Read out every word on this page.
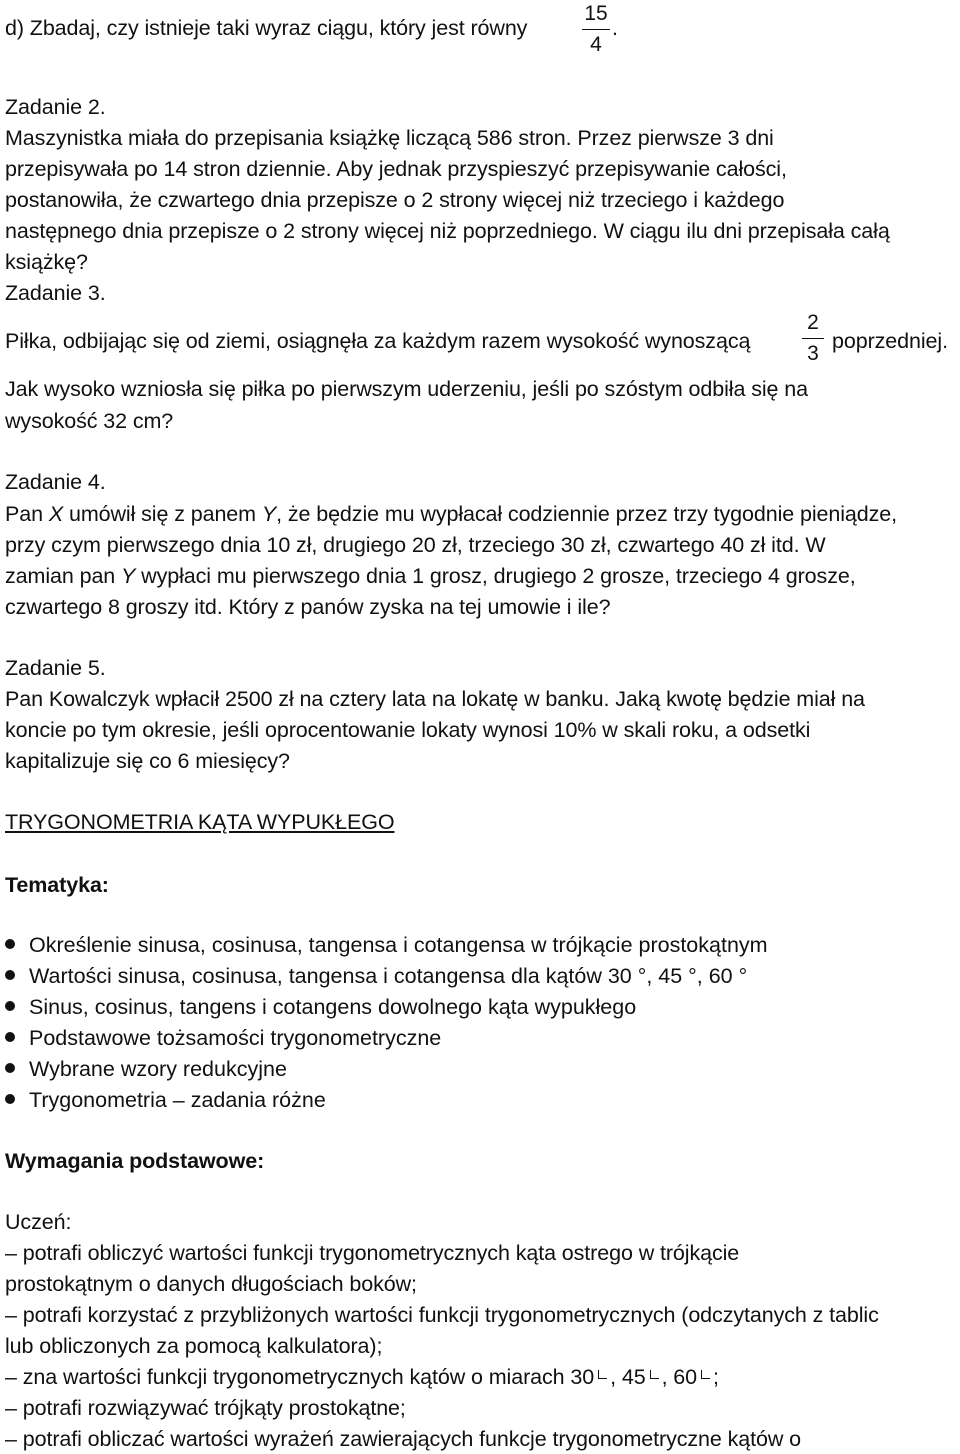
d) Zbadaj, czy istnieje taki wyraz ciągu, który jest równy
15
4
.
Zadanie 2.
Maszynistka miała do przepisania książkę liczącą 586 stron. Przez pierwsze 3 dni
przepisywała po 14 stron dziennie. Aby jednak przyspieszyć przepisywanie całości,
postanowiła, że czwartego dnia przepisze o 2 strony więcej niż trzeciego i każdego
następnego dnia przepisze o 2 strony więcej niż poprzedniego. W ciągu ilu dni przepisała całą
książkę?
Zadanie 3.
Piłka, odbijając się od ziemi, osiągnęła za każdym razem wysokość wynoszącą
2
3
poprzedniej.
Jak wysoko wzniosła się piłka po pierwszym uderzeniu, jeśli po szóstym odbiła się na
wysokość 32 cm?
Zadanie 4.
Pan X umówił się z panem Y, że będzie mu wypłacał codziennie przez trzy tygodnie pieniądze,
przy czym pierwszego dnia 10 zł, drugiego 20 zł, trzeciego 30 zł, czwartego 40 zł itd. W
zamian pan Y wypłaci mu pierwszego dnia 1 grosz, drugiego 2 grosze, trzeciego 4 grosze,
czwartego 8 groszy itd. Który z panów zyska na tej umowie i ile?
Zadanie 5.
Pan Kowalczyk wpłacił 2500 zł na cztery lata na lokatę w banku. Jaką kwotę będzie miał na
koncie po tym okresie, jeśli oprocentowanie lokaty wynosi 10% w skali roku, a odsetki
kapitalizuje się co 6 miesięcy?
TRYGONOMETRIA KĄTA WYPUKŁEGO
Tematyka:
Określenie sinusa, cosinusa, tangensa i cotangensa w trójkącie prostokątnym
Wartości sinusa, cosinusa, tangensa i cotangensa dla kątów 30 °, 45 °, 60 °
Sinus, cosinus, tangens i cotangens dowolnego kąta wypukłego
Podstawowe tożsamości trygonometryczne
Wybrane wzory redukcyjne
Trygonometria – zadania różne
Wymagania podstawowe:
Uczeń:
– potrafi obliczyć wartości funkcji trygonometrycznych kąta ostrego w trójkącie
prostokątnym o danych długościach boków;
– potrafi korzystać z przybliżonych wartości funkcji trygonometrycznych (odczytanych z tablic
lub obliczonych za pomocą kalkulatora);
– zna wartości funkcji trygonometrycznych kątów o miarach 30 , 45 , 60 ;
– potrafi rozwiązywać trójkąty prostokątne;
– potrafi obliczać wartości wyrażeń zawierających funkcje trygonometryczne kątów o
